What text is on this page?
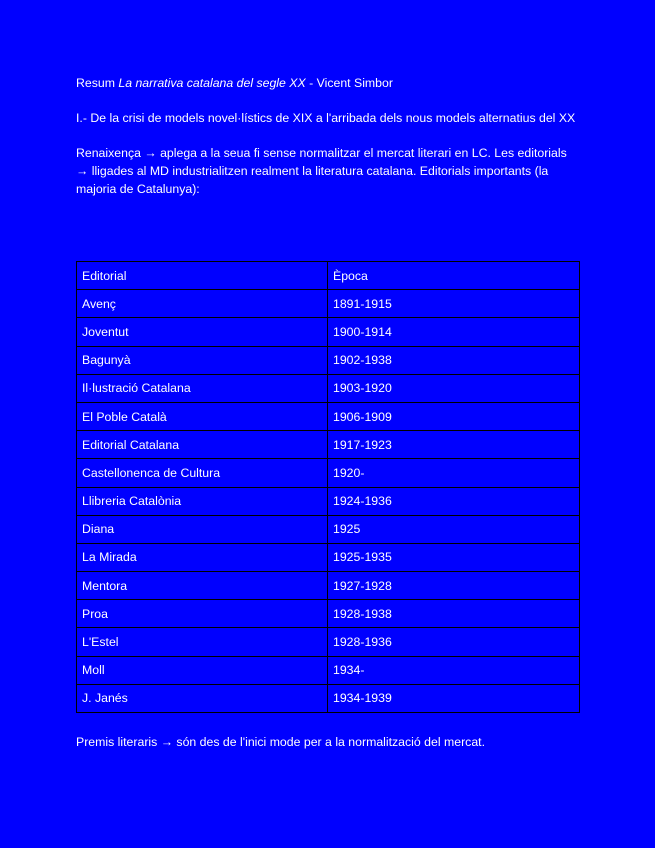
Resum La narrativa catalana del segle XX - Vicent Simbor

I.- De la crisi de models novel·lístics de XIX a l'arribada dels nous models alternatius del XX

Renaixença → aplega a la seua fi sense normalitzar el mercat literari en LC. Les editorials → lligades al MD industrialitzen realment la literatura catalana. Editorials importants (la majoria de Catalunya):

Editorial	Època
Avenç	1891-1915
Joventut	1900-1914
Bagunyà	1902-1938
Il·lustració Catalana	1903-1920
El Poble Català	1906-1909
Editorial Catalana	1917-1923
Castellonenca de Cultura	1920-
Llibreria Catalònia	1924-1936
Diana	1925
La Mirada	1925-1935
Mentora	1927-1928
Proa	1928-1938
L'Estel	1928-1936
Moll	1934-
J. Janés	1934-1939

Premis literaris → són des de l'inici mode per a la normalització del mercat.
